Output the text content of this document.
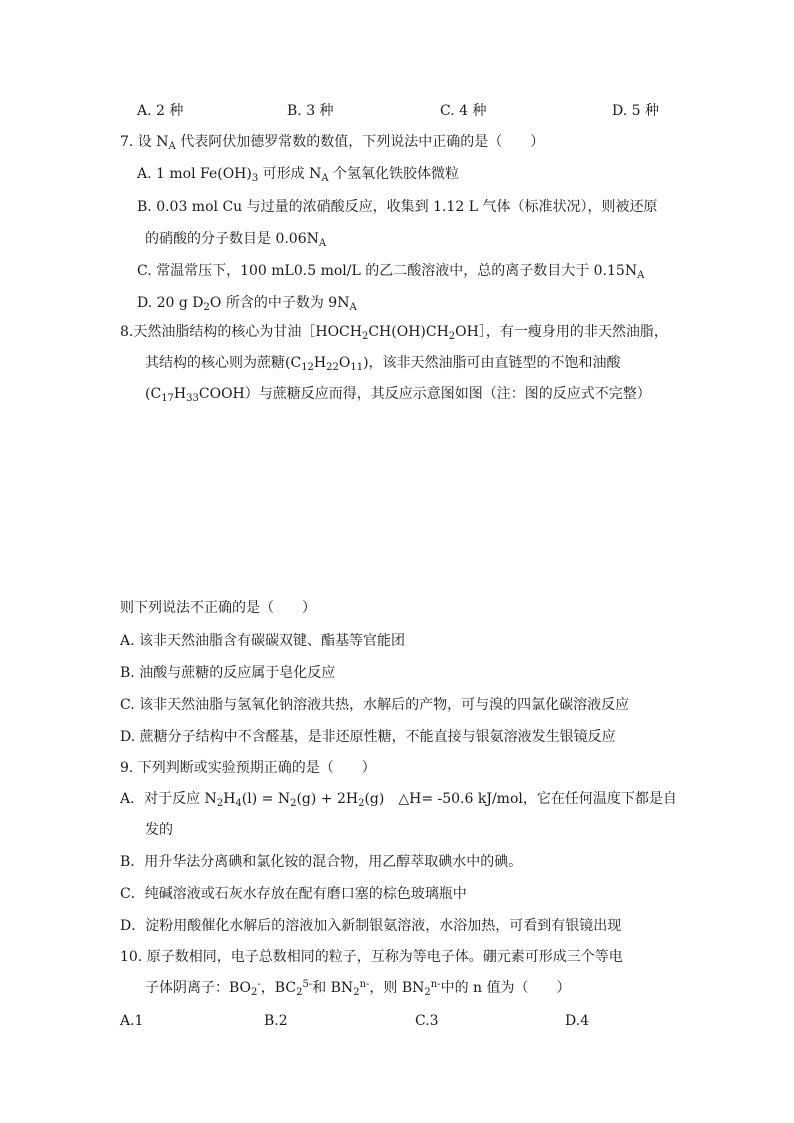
A. 2 种	B. 3 种	C. 4 种	D. 5 种
7. 设 $N_A$ 代表阿伏加德罗常数的数值，下列说法中正确的是（　　）
A. 1 mol $Fe(OH)_3$ 可形成 $N_A$ 个氢氧化铁胶体微粒
B. 0.03 mol Cu 与过量的浓硝酸反应，收集到 1.12 L 气体（标准状况），则被还原
的硝酸的分子数目是 $0.06N_A$
C. 常温常压下，100 mL0.5 mol/L 的乙二酸溶液中，总的离子数目大于 $0.15N_A$
D. 20 g $D_2O$ 所含的中子数为 $9N_A$
8.天然油脂结构的核心为甘油$[HOCH_2CH(OH)CH_2OH]$，有一瘦身用的非天然油脂，
其结构的核心则为蔗糖$(C_{12}H_{22}O_{11})$，该非天然油脂可由直链型的不饱和油酸
$(C_{17}H_{33}COOH)$与蔗糖反应而得，其反应示意图如图（注：图的反应式不完整）
则下列说法不正确的是（　　）
A. 该非天然油脂含有碳碳双键、酯基等官能团
B. 油酸与蔗糖的反应属于皂化反应
C. 该非天然油脂与氢氧化钠溶液共热，水解后的产物，可与溴的四氯化碳溶液反应
D. 蔗糖分子结构中不含醛基，是非还原性糖，不能直接与银氨溶液发生银镜反应
9. 下列判断或实验预期正确的是（　　）
A．对于反应 $N_2H_4(l) = N_2(g) + 2H_2(g)$　△H= -50.6 kJ/mol，它在任何温度下都是自
发的
B．用升华法分离碘和氯化铵的混合物，用乙醇萃取碘水中的碘。
C．纯碱溶液或石灰水存放在配有磨口塞的棕色玻璃瓶中
D．淀粉用酸催化水解后的溶液加入新制银氨溶液，水浴加热，可看到有银镜出现
10. 原子数相同，电子总数相同的粒子，互称为等电子体。硼元素可形成三个等电
子体阴离子：$BO_2^-$，$BC_2^{5-}$和 $BN_2^{n-}$，则 $BN_2^{n-}$中的 n 值为（　　）
A.1	B.2	C.3	D.4
